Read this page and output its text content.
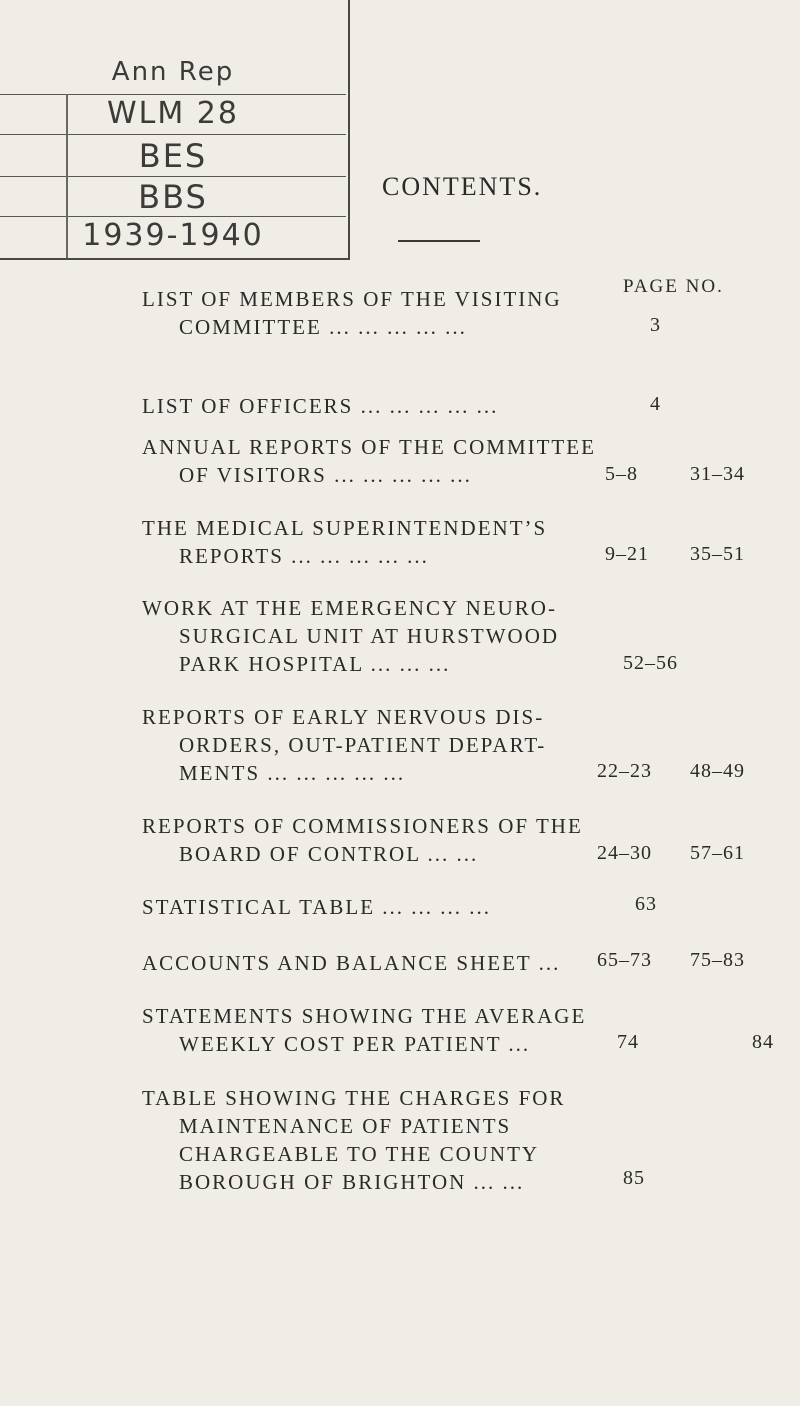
Ann Rep
WLM 28
BES
BBS
1939-1940
CONTENTS.
PAGE NO.
LIST OF MEMBERS OF THE VISITING
COMMITTEE ... ... ... ... ...	3
LIST OF OFFICERS ... ... ... ... ...	4
ANNUAL REPORTS OF THE COMMITTEE
OF VISITORS ... ... ... ... ...	5–8	31–34
THE MEDICAL SUPERINTENDENT’S
REPORTS ... ... ... ... ...	9–21 35–51
WORK AT THE EMERGENCY NEURO-
SURGICAL UNIT AT HURSTWOOD
PARK HOSPITAL ... ... ...	52–56
REPORTS OF EARLY NERVOUS DIS-
ORDERS, OUT-PATIENT DEPART-
MENTS ... ... ... ... ...	22–23 48–49
REPORTS OF COMMISSIONERS OF THE
BOARD OF CONTROL ... ...	24–30 57–61
STATISTICAL TABLE ... ... ... ...	63
ACCOUNTS AND BALANCE SHEET ...	65–73 75–83
STATEMENTS SHOWING THE AVERAGE
WEEKLY COST PER PATIENT ...	74	84
TABLE SHOWING THE CHARGES FOR
MAINTENANCE OF PATIENTS
CHARGEABLE TO THE COUNTY
BOROUGH OF BRIGHTON ... ...	85
